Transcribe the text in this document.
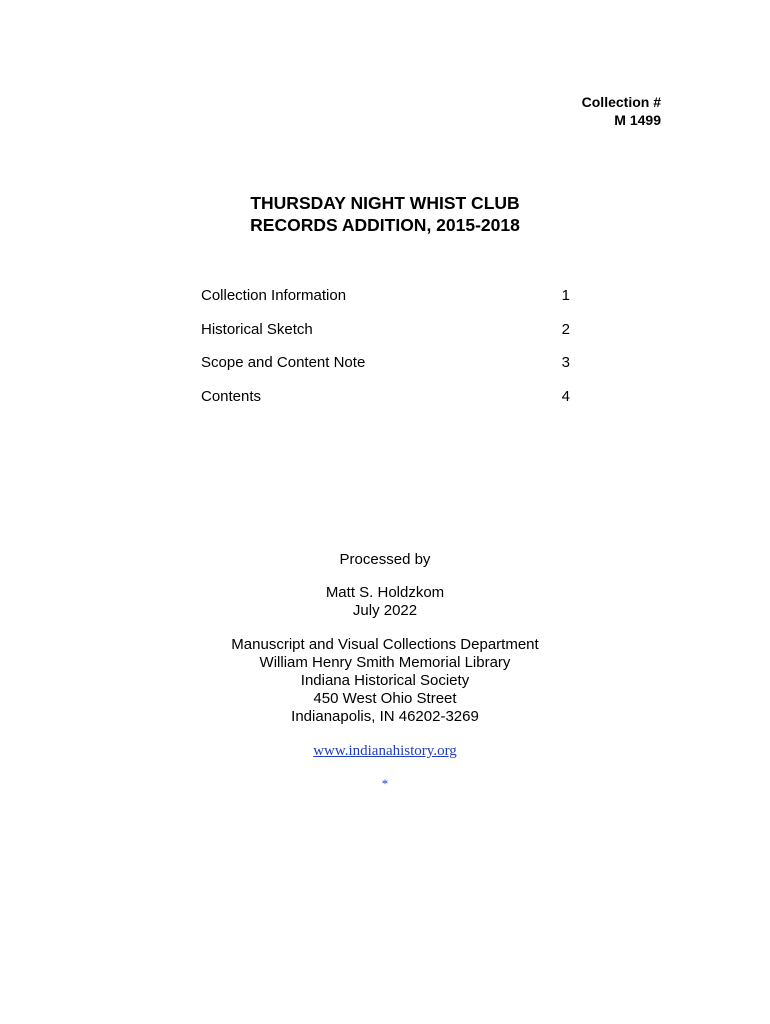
Collection #
M 1499
THURSDAY NIGHT WHIST CLUB
RECORDS ADDITION, 2015-2018
Collection Information	1
Historical Sketch	2
Scope and Content Note	3
Contents	4
Processed by
Matt S. Holdzkom
July 2022
Manuscript and Visual Collections Department
William Henry Smith Memorial Library
Indiana Historical Society
450 West Ohio Street
Indianapolis, IN 46202-3269
www.indianahistory.org
*
